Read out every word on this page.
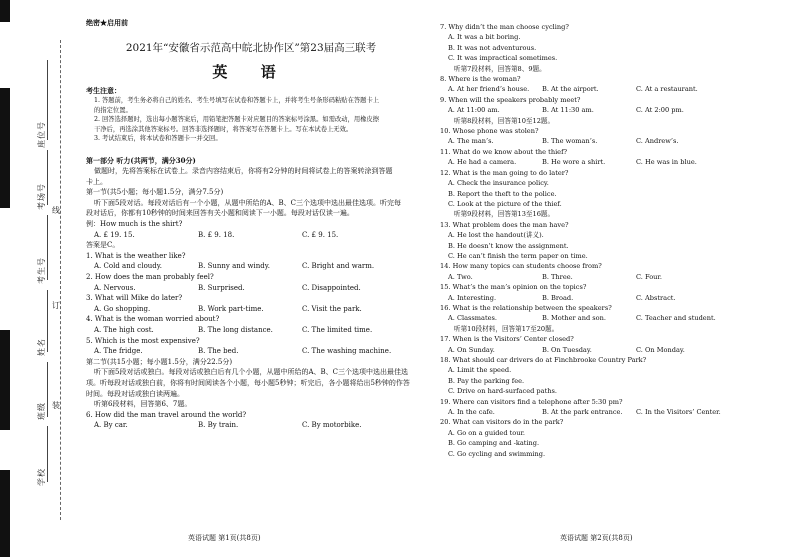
座位号
考场号
考生号
姓名
班级
学校
线
订
装
绝密★启用前
2021年“安徽省示范高中皖北协作区”第23届高三联考
英 语
考生注意：
1. 答题前，考生务必将自己的姓名、考生号填写在试卷和答题卡上，并将考生号条形码粘贴在答题卡上
的指定位置。
2. 回答选择题时，选出每小题答案后，用铅笔把答题卡对应题目的答案标号涂黑。如需改动，用橡皮擦
干净后，再选涂其他答案标号。回答非选择题时，将答案写在答题卡上。写在本试卷上无效。
3. 考试结束后，将本试卷和答题卡一并交回。
第一部分 听力(共两节，满分30分)
做题时，先将答案标在试卷上。录音内容结束后，你将有2分钟的时间将试卷上的答案转涂到答题
卡上。
第一节(共5小题；每小题1.5分，满分7.5分)
听下面5段对话。每段对话后有一个小题，从题中所给的A、B、C三个选项中选出最佳选项。听完每
段对话后，你都有10秒钟的时间来回答有关小题和阅读下一小题。每段对话仅读一遍。
例：How much is the shirt?
A. £ 19. 15.	B. £ 9. 18.	C. £ 9. 15.
答案是C。
1. What is the weather like?
A. Cold and cloudy.	B. Sunny and windy.	C. Bright and warm.
2. How does the man probably feel?
A. Nervous.	B. Surprised.	C. Disappointed.
3. What will Mike do later?
A. Go shopping.	B. Work part-time.	C. Visit the park.
4. What is the woman worried about?
A. The high cost.	B. The long distance.	C. The limited time.
5. Which is the most expensive?
A. The fridge.	B. The bed.	C. The washing machine.
第二节(共15小题；每小题1.5分，满分22.5分)
听下面5段对话或独白。每段对话或独白后有几个小题，从题中所给的A、B、C三个选项中选出最佳选
项。听每段对话或独白前，你将有时间阅读各个小题，每小题5秒钟；听完后，各小题将给出5秒钟的作答
时间。每段对话或独白读两遍。
听第6段材料，回答第6、7题。
6. How did the man travel around the world?
A. By car.	B. By train.	C. By motorbike.
英语试题 第1页(共8页)
7. Why didn’t the man choose cycling?
A. It was a bit boring.
B. It was not adventurous.
C. It was impractical sometimes.
听第7段材料，回答第8、9题。
8. Where is the woman?
A. At her friend’s house.	B. At the airport.	C. At a restaurant.
9. When will the speakers probably meet?
A. At 11:00 am.	B. At 11:30 am.	C. At 2:00 pm.
听第8段材料，回答第10至12题。
10. Whose phone was stolen?
A. The man’s.	B. The woman’s.	C. Andrew’s.
11. What do we know about the thief?
A. He had a camera.	B. He wore a shirt.	C. He was in blue.
12. What is the man going to do later?
A. Check the insurance policy.
B. Report the theft to the police.
C. Look at the picture of the thief.
听第9段材料，回答第13至16题。
13. What problem does the man have?
A. He lost the handout(讲义).
B. He doesn’t know the assignment.
C. He can’t finish the term paper on time.
14. How many topics can students choose from?
A. Two.	B. Three.	C. Four.
15. What’s the man’s opinion on the topics?
A. Interesting.	B. Broad.	C. Abstract.
16. What is the relationship between the speakers?
A. Classmates.	B. Mother and son.	C. Teacher and student.
听第10段材料，回答第17至20题。
17. When is the Visitors’ Center closed?
A. On Sunday.	B. On Tuesday.	C. On Monday.
18. What should car drivers do at Finchbrooke Country Park?
A. Limit the speed.
B. Pay the parking fee.
C. Drive on hard-surfaced paths.
19. Where can visitors find a telephone after 5:30 pm?
A. In the cafe.	B. At the park entrance.	C. In the Visitors’ Center.
20. What can visitors do in the park?
A. Go on a guided tour.
B. Go camping and -kating.
C. Go cycling and swimming.
英语试题 第2页(共8页)
